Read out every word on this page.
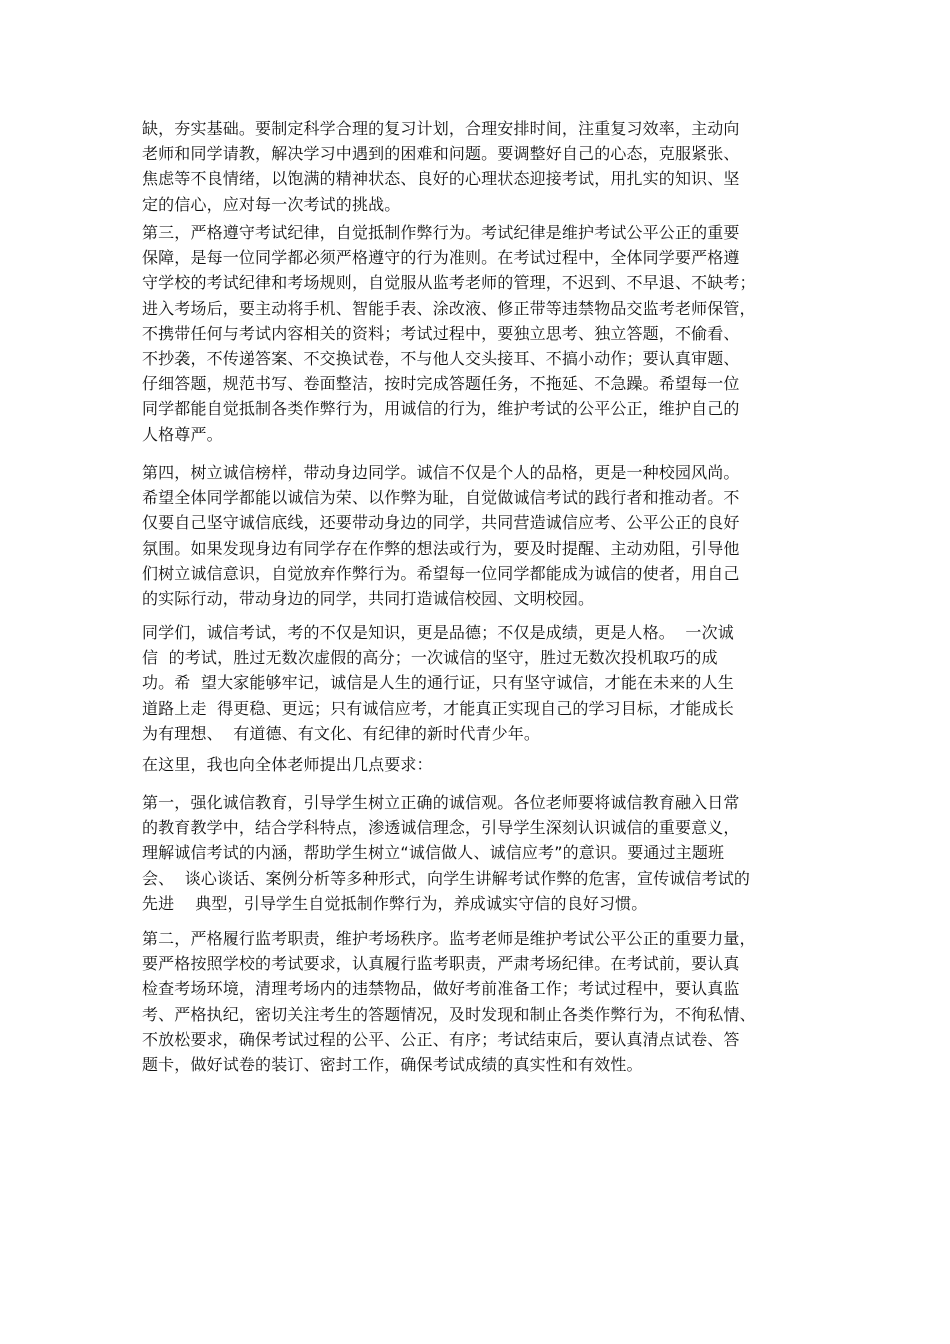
缺，夯实基础。要制定科学合理的复习计划，合理安排时间，注重复习效率，主动向
老师和同学请教，解决学习中遇到的困难和问题。要调整好自己的心态，克服紧张、
焦虑等不良情绪，以饱满的精神状态、良好的心理状态迎接考试，用扎实的知识、坚
定的信心，应对每一次考试的挑战。
第三，严格遵守考试纪律，自觉抵制作弊行为。考试纪律是维护考试公平公正的重要
保障，是每一位同学都必须严格遵守的行为准则。在考试过程中，全体同学要严格遵
守学校的考试纪律和考场规则，自觉服从监考老师的管理，不迟到、不早退、不缺考；
进入考场后，要主动将手机、智能手表、涂改液、修正带等违禁物品交监考老师保管，
不携带任何与考试内容相关的资料；考试过程中，要独立思考、独立答题，不偷看、
不抄袭，不传递答案、不交换试卷，不与他人交头接耳、不搞小动作；要认真审题、
仔细答题，规范书写、卷面整洁，按时完成答题任务，不拖延、不急躁。希望每一位
同学都能自觉抵制各类作弊行为，用诚信的行为，维护考试的公平公正，维护自己的
人格尊严。
第四，树立诚信榜样，带动身边同学。诚信不仅是个人的品格，更是一种校园风尚。
希望全体同学都能以诚信为荣、以作弊为耻，自觉做诚信考试的践行者和推动者。不
仅要自己坚守诚信底线，还要带动身边的同学，共同营造诚信应考、公平公正的良好
氛围。如果发现身边有同学存在作弊的想法或行为，要及时提醒、主动劝阻，引导他
们树立诚信意识，自觉放弃作弊行为。希望每一位同学都能成为诚信的使者，用自己
的实际行动，带动身边的同学，共同打造诚信校园、文明校园。
同学们，诚信考试，考的不仅是知识，更是品德；不仅是成绩，更是人格。  一次诚
信  的考试，胜过无数次虚假的高分；一次诚信的坚守，胜过无数次投机取巧的成
功。希  望大家能够牢记，诚信是人生的通行证，只有坚守诚信，才能在未来的人生
道路上走  得更稳、更远；只有诚信应考，才能真正实现自己的学习目标，才能成长
为有理想、  有道德、有文化、有纪律的新时代青少年。
在这里，我也向全体老师提出几点要求：
第一，强化诚信教育，引导学生树立正确的诚信观。各位老师要将诚信教育融入日常
的教育教学中，结合学科特点，渗透诚信理念，引导学生深刻认识诚信的重要意义，
理解诚信考试的内涵，帮助学生树立“诚信做人、诚信应考”的意识。要通过主题班
会、  谈心谈话、案例分析等多种形式，向学生讲解考试作弊的危害，宣传诚信考试的
先进    典型，引导学生自觉抵制作弊行为，养成诚实守信的良好习惯。
第二，严格履行监考职责，维护考场秩序。监考老师是维护考试公平公正的重要力量，
要严格按照学校的考试要求，认真履行监考职责，严肃考场纪律。在考试前，要认真
检查考场环境，清理考场内的违禁物品，做好考前准备工作；考试过程中，要认真监
考、严格执纪，密切关注考生的答题情况，及时发现和制止各类作弊行为，不徇私情、
不放松要求，确保考试过程的公平、公正、有序；考试结束后，要认真清点试卷、答
题卡，做好试卷的装订、密封工作，确保考试成绩的真实性和有效性。
